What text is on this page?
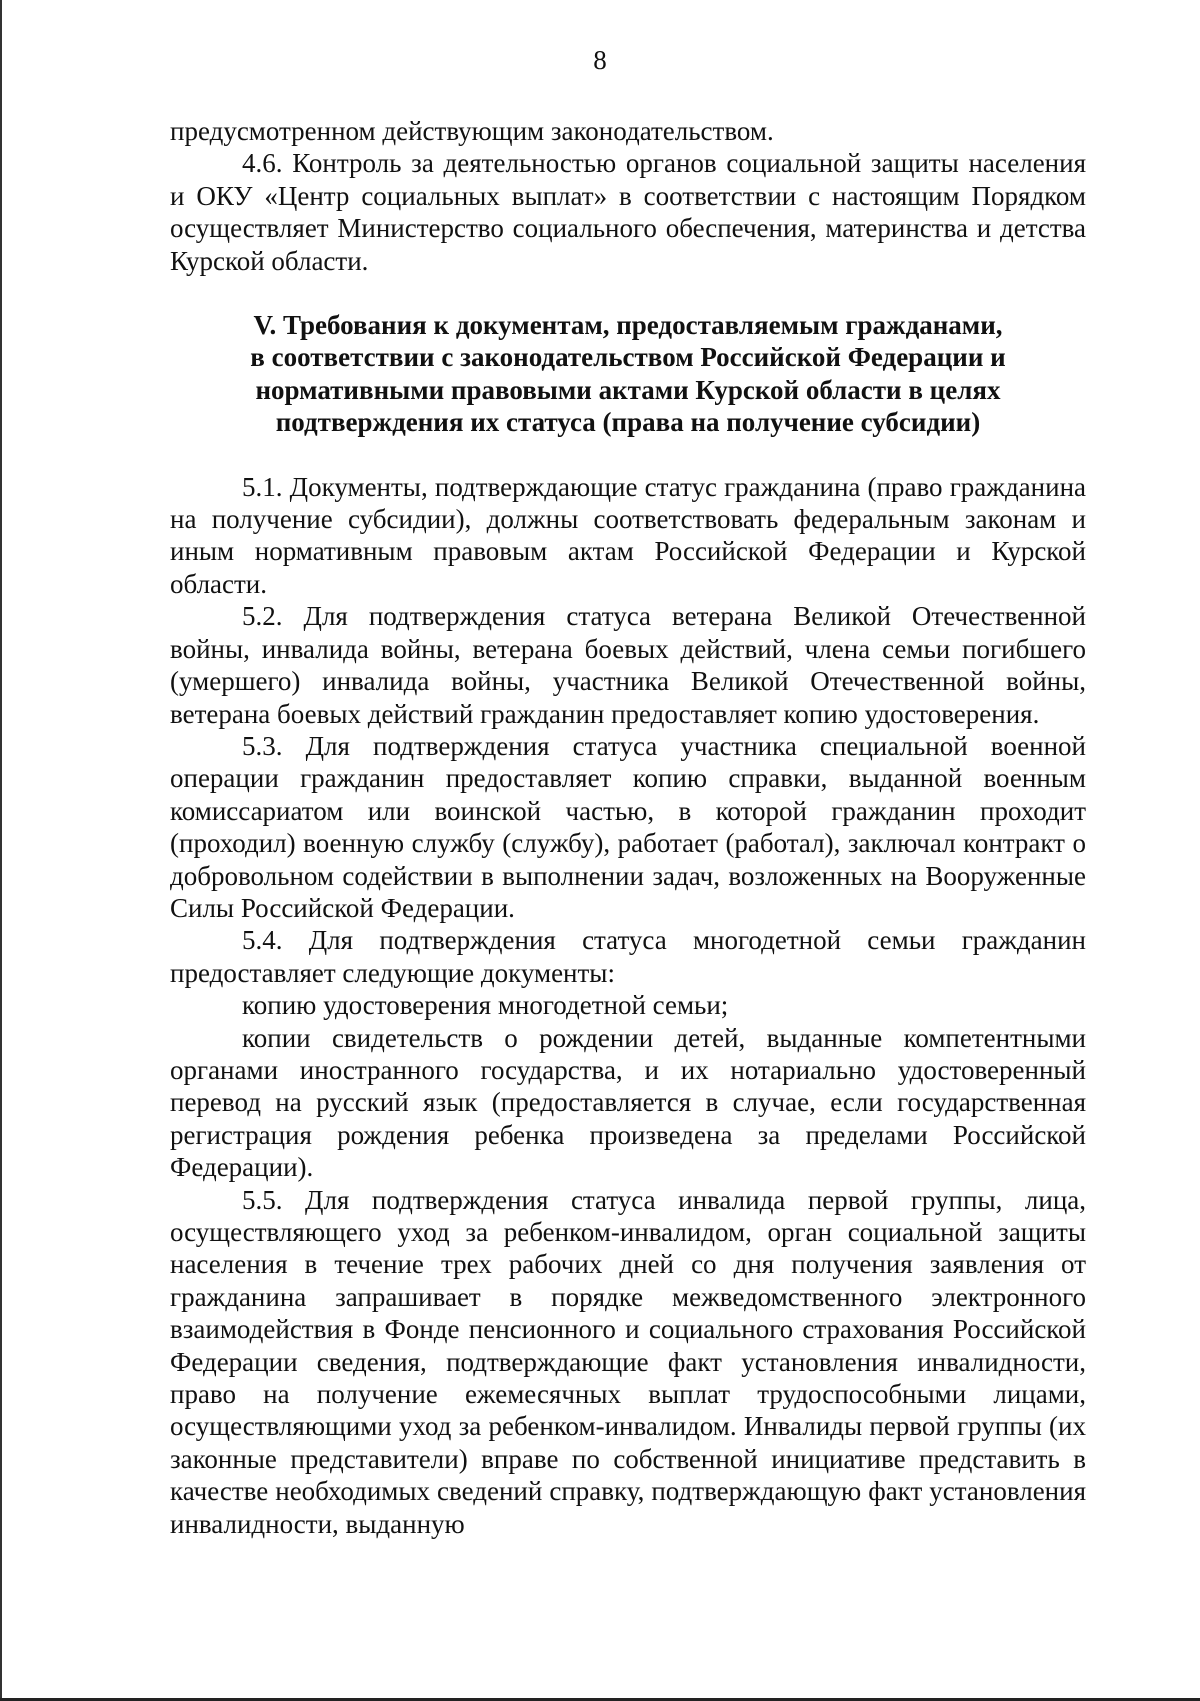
8

предусмотренном действующим законодательством.

4.6. Контроль за деятельностью органов социальной защиты населения и ОКУ «Центр социальных выплат» в соответствии с настоящим Порядком осуществляет Министерство социального обеспечения, материнства и детства Курской области.

V. Требования к документам, предоставляемым гражданами,
в соответствии с законодательством Российской Федерации и
нормативными правовыми актами Курской области в целях
подтверждения их статуса (права на получение субсидии)

5.1. Документы, подтверждающие статус гражданина (право гражданина на получение субсидии), должны соответствовать федеральным законам и иным нормативным правовым актам Российской Федерации и Курской области.

5.2. Для подтверждения статуса ветерана Великой Отечественной войны, инвалида войны, ветерана боевых действий, члена семьи погибшего (умершего) инвалида войны, участника Великой Отечественной войны, ветерана боевых действий гражданин предоставляет копию удостоверения.

5.3. Для подтверждения статуса участника специальной военной операции гражданин предоставляет копию справки, выданной военным комиссариатом или воинской частью, в которой гражданин проходит (проходил) военную службу (службу), работает (работал), заключал контракт о добровольном содействии в выполнении задач, возложенных на Вооруженные Силы Российской Федерации.

5.4. Для подтверждения статуса многодетной семьи гражданин предоставляет следующие документы:

копию удостоверения многодетной семьи;

копии свидетельств о рождении детей, выданные компетентными органами иностранного государства, и их нотариально удостоверенный перевод на русский язык (предоставляется в случае, если государственная регистрация рождения ребенка произведена за пределами Российской Федерации).

5.5. Для подтверждения статуса инвалида первой группы, лица, осуществляющего уход за ребенком-инвалидом, орган социальной защиты населения в течение трех рабочих дней со дня получения заявления от гражданина запрашивает в порядке межведомственного электронного взаимодействия в Фонде пенсионного и социального страхования Российской Федерации сведения, подтверждающие факт установления инвалидности, право на получение ежемесячных выплат трудоспособными лицами, осуществляющими уход за ребенком-инвалидом. Инвалиды первой группы (их законные представители) вправе по собственной инициативе представить в качестве необходимых сведений справку, подтверждающую факт установления инвалидности, выданную
